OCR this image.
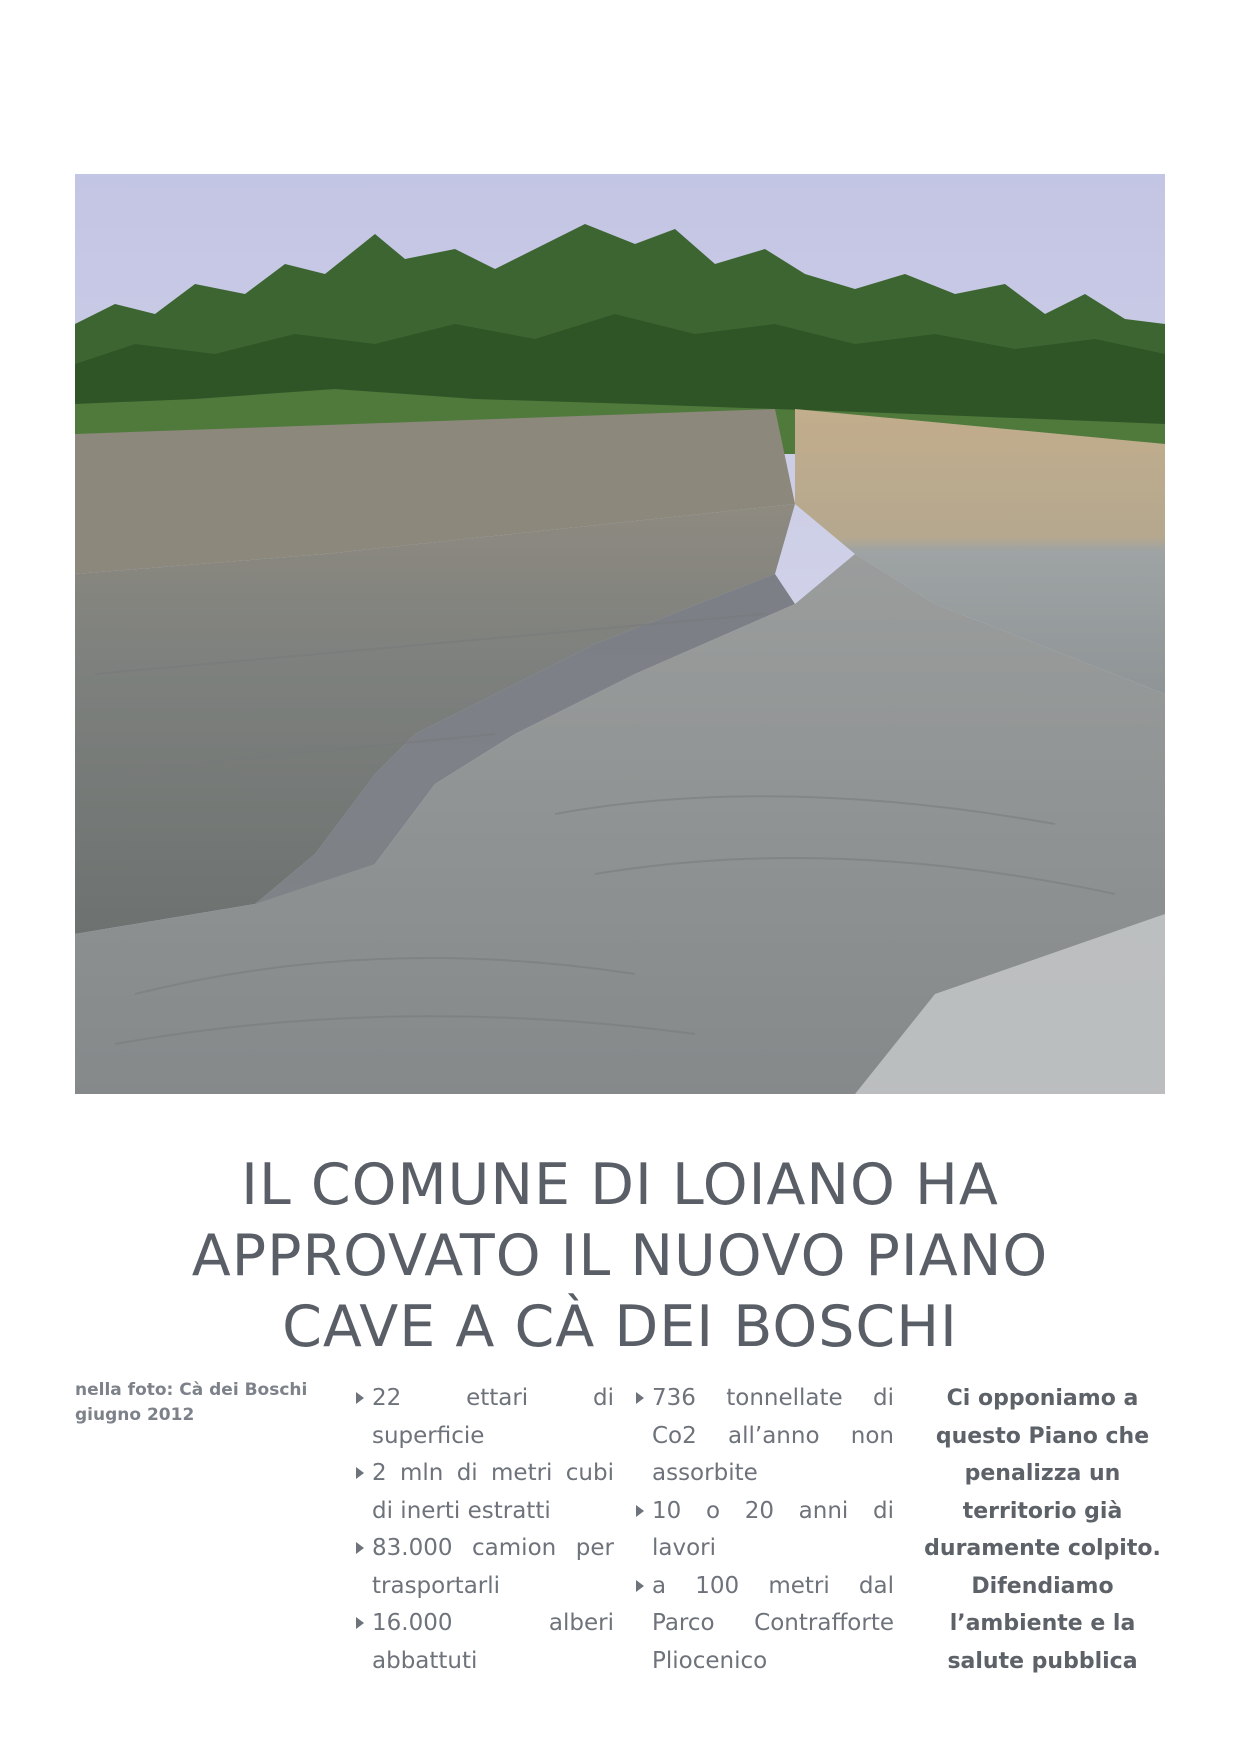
IL COMUNE DI LOIANO HA
APPROVATO IL NUOVO PIANO
CAVE A CÀ DEI BOSCHI
nella foto: Cà dei Boschi
giugno 2012
22 ettari di superficie
2 mln di metri cubi di inerti estratti
83.000 camion per trasportarli
16.000 alberi abbattuti
736 tonnellate di Co2 all’anno non assorbite
10 o 20 anni di lavori
a 100 metri dal Parco Contrafforte Pliocenico
Ci opponiamo a
questo Piano che
penalizza un
territorio già
duramente colpito.
Difendiamo
l’ambiente e la
salute pubblica
